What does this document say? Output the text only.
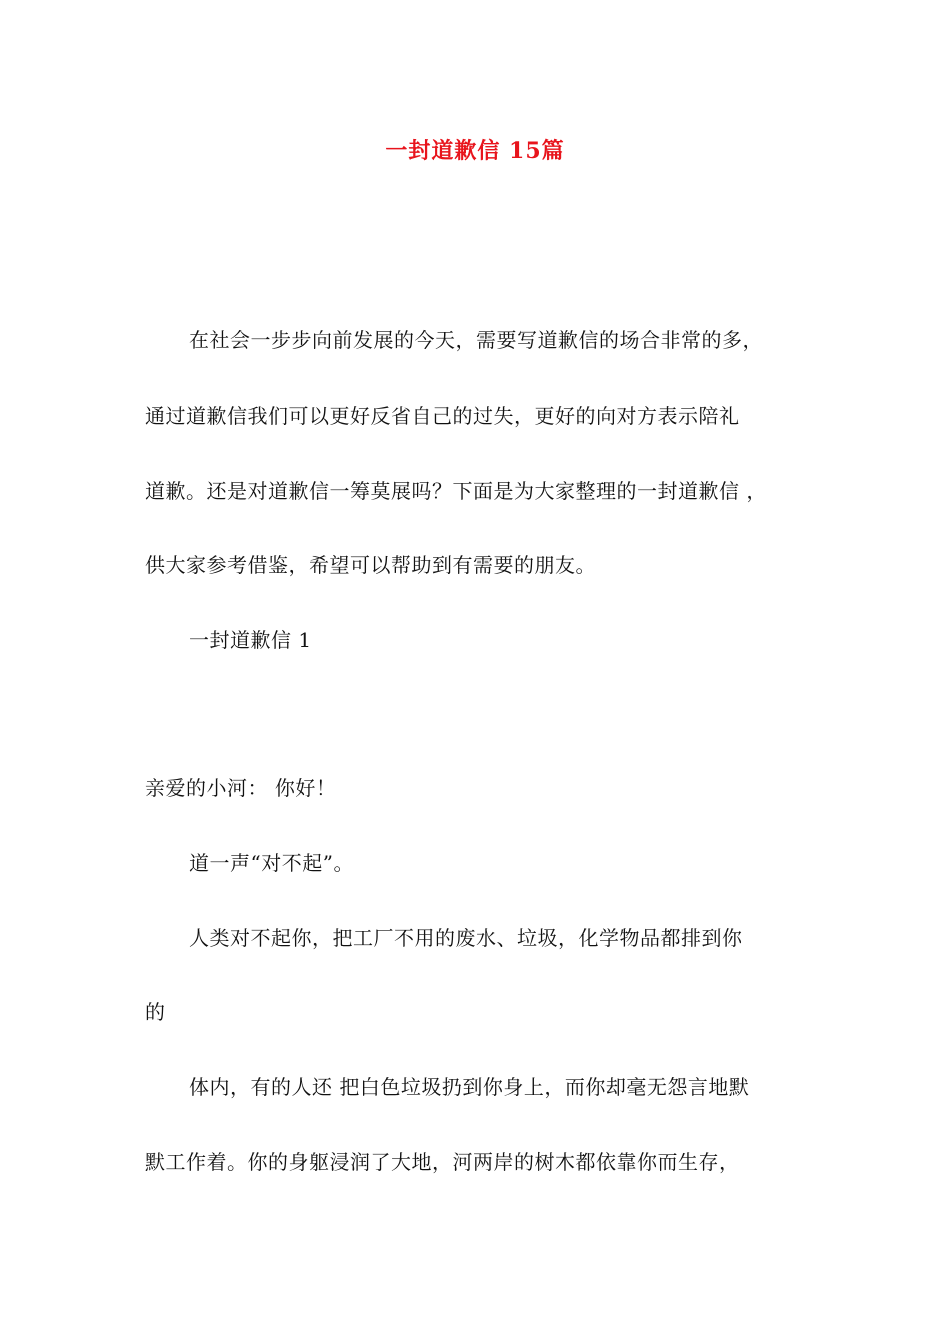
一封道歉信 15篇
在社会一步步向前发展的今天，需要写道歉信的场合非常的多，
通过道歉信我们可以更好反省自己的过失，更好的向对方表示陪礼
道歉。还是对道歉信一筹莫展吗？下面是为大家整理的一封道歉信 ，
供大家参考借鉴，希望可以帮助到有需要的朋友。
一封道歉信 1
亲爱的小河： 你好！
道一声“对不起”。
人类对不起你，把工厂不用的废水、垃圾，化学物品都排到你
的
体内，有的人还 把白色垃圾扔到你身上，而你却毫无怨言地默
默工作着。你的身躯浸润了大地，河两岸的树木都依靠你而生存，
